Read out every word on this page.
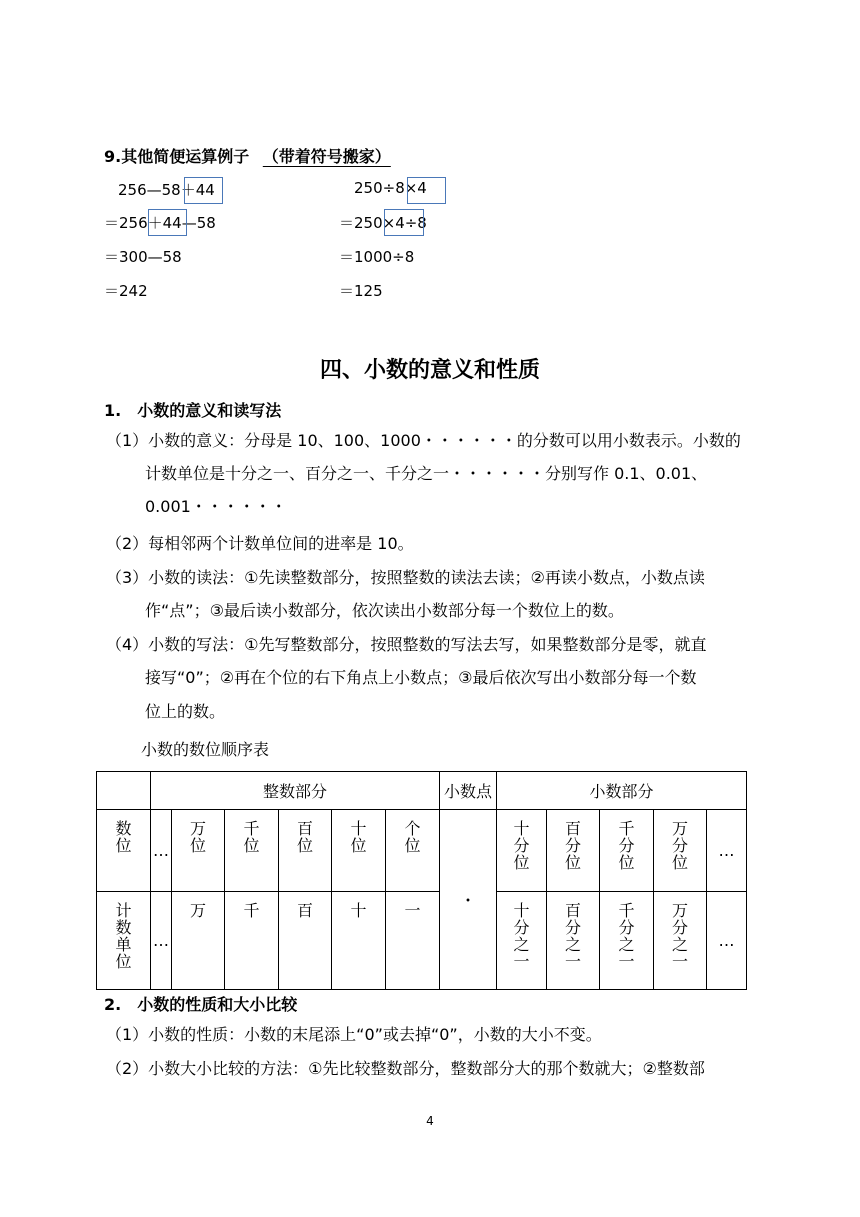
9.其他简便运算例子 （带着符号搬家）
256—58＋44
＝256＋44—58
＝300—58
＝242
250÷8×4
＝250×4÷8
＝1000÷8
＝125
四、小数的意义和性质
1.　小数的意义和读写法
（1）小数的意义：分母是 10、100、1000・・・・・・的分数可以用小数表示。小数的
计数单位是十分之一、百分之一、千分之一・・・・・・分别写作 0.1、0.01、
0.001・・・・・・
（2）每相邻两个计数单位间的进率是 10。
（3）小数的读法：①先读整数部分，按照整数的读法去读；②再读小数点，小数点读
作“点”；③最后读小数部分，依次读出小数部分每一个数位上的数。
（4）小数的写法：①先写整数部分，按照整数的写法去写，如果整数部分是零，就直
接写“0”；②再在个位的右下角点上小数点；③最后依次写出小数部分每一个数
位上的数。
小数的数位顺序表
	整数部分						小数点	小数部分				
数位	…	万位	千位	百位	十位	个位	・	十分位	百分位	千分位	万分位	…
计数单位	…	万	千	百	十	一		十分之一	百分之一	千分之一	万分之一	…
2.　小数的性质和大小比较
（1）小数的性质：小数的末尾添上“0”或去掉“0”，小数的大小不变。
（2）小数大小比较的方法：①先比较整数部分，整数部分大的那个数就大；②整数部
4
